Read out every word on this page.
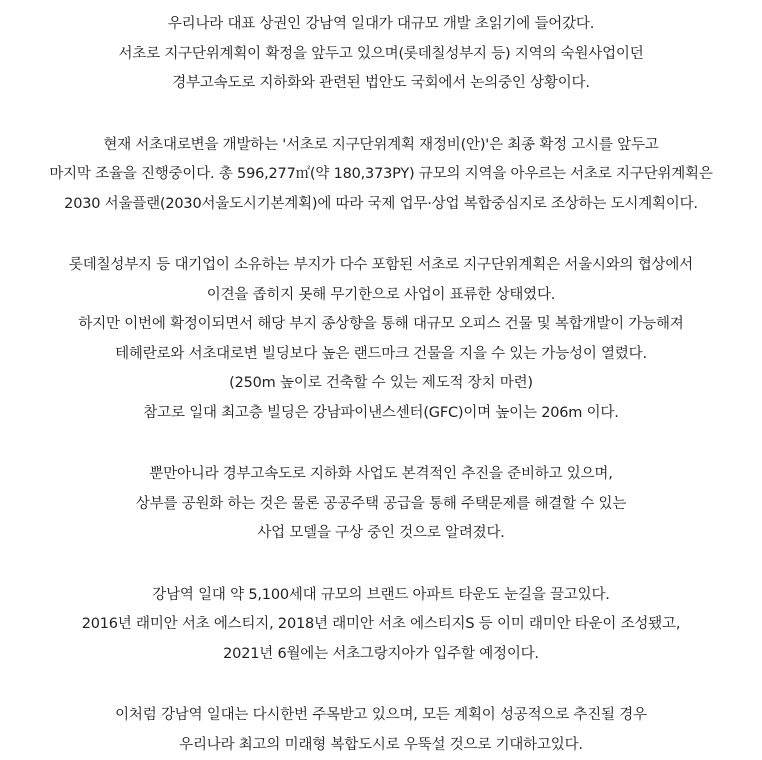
우리나라 대표 상권인 강남역 일대가 대규모 개발 초읽기에 들어갔다.
서초로 지구단위계획이 확정을 앞두고 있으며(롯데칠성부지 등) 지역의 숙원사업이던
경부고속도로 지하화와 관련된 법안도 국회에서 논의중인 상황이다.
현재 서초대로변을 개발하는 '서초로 지구단위계획 재정비(안)'은 최종 확정 고시를 앞두고
마지막 조율을 진행중이다. 총 596,277㎡(약 180,373PY) 규모의 지역을 아우르는 서초로 지구단위계획은
2030 서울플랜(2030서울도시기본계획)에 따라 국제 업무·상업 복합중심지로 조상하는 도시계획이다.
롯데칠성부지 등 대기업이 소유하는 부지가 다수 포함된 서초로 지구단위계획은 서울시와의 협상에서
이견을 좁히지 못해 무기한으로 사업이 표류한 상태였다.
하지만 이번에 확정이되면서 해당 부지 종상향을 통해 대규모 오피스 건물 및 복합개발이 가능해져
테헤란로와 서초대로변 빌딩보다 높은 랜드마크 건물을 지을 수 있는 가능성이 열렸다.
(250m 높이로 건축할 수 있는 제도적 장치 마련)
참고로 일대 최고층 빌딩은 강남파이낸스센터(GFC)이며 높이는 206m 이다.
뿐만아니라 경부고속도로 지하화 사업도 본격적인 추진을 준비하고 있으며,
상부를 공원화 하는 것은 물론 공공주택 공급을 통해 주택문제를 해결할 수 있는
사업 모델을 구상 중인 것으로 알려졌다.
강남역 일대 약 5,100세대 규모의 브랜드 아파트 타운도 눈길을 끌고있다.
2016년 래미안 서초 에스티지, 2018년 래미안 서초 에스티지S 등 이미 래미안 타운이 조성됐고,
2021년 6월에는 서초그랑지아가 입주할 예정이다.
이처럼 강남역 일대는 다시한번 주목받고 있으며, 모든 계획이 성공적으로 추진될 경우
우리나라 최고의 미래형 복합도시로 우뚝설 것으로 기대하고있다.
